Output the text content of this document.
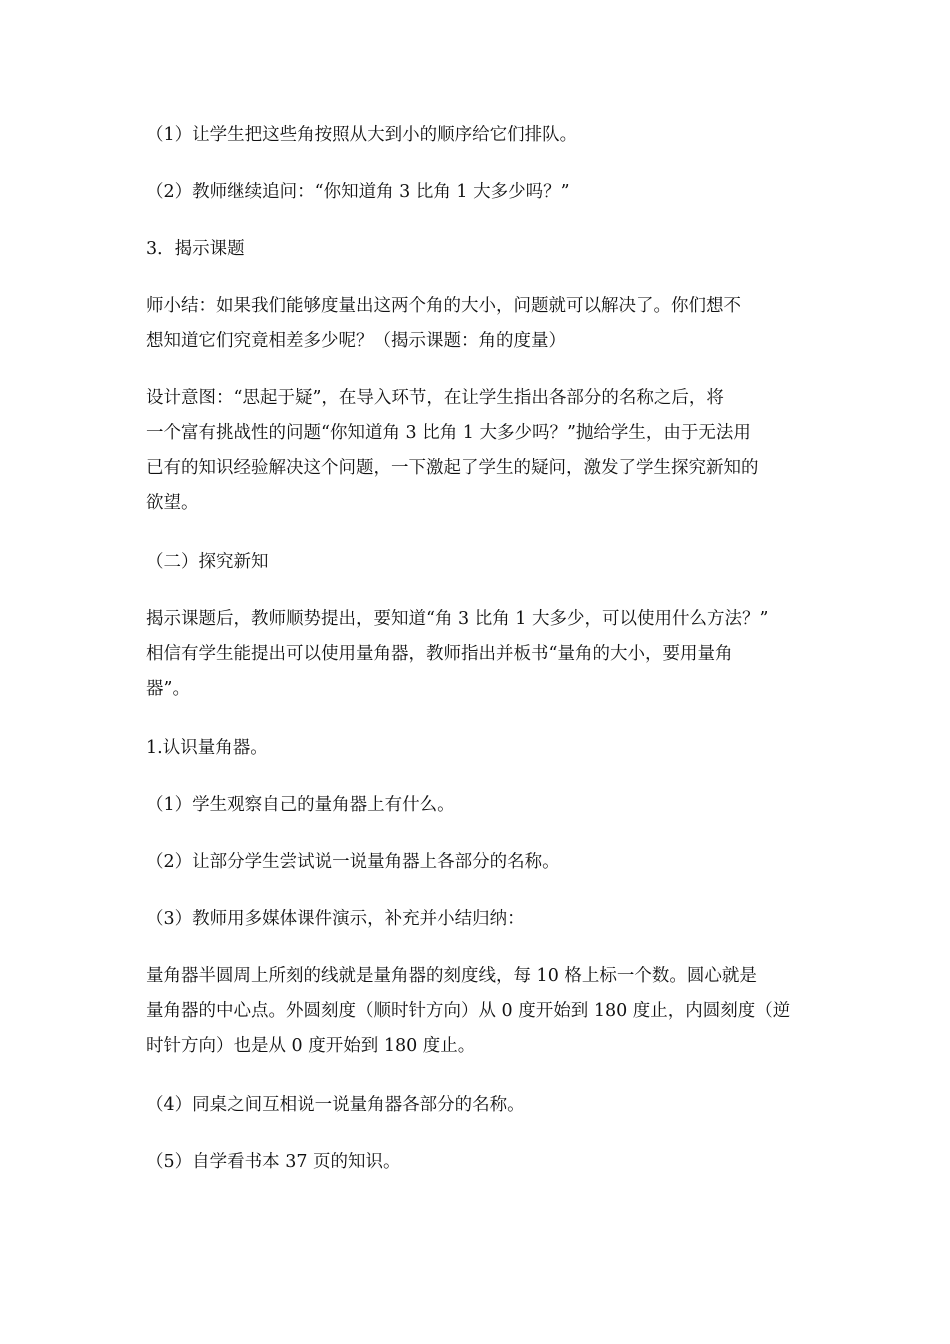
（1）让学生把这些角按照从大到小的顺序给它们排队。

（2）教师继续追问：“你知道角 3 比角 1 大多少吗？”

3．揭示课题

师小结：如果我们能够度量出这两个角的大小，问题就可以解决了。你们想不
想知道它们究竟相差多少呢？（揭示课题：角的度量）

设计意图：“思起于疑”，在导入环节，在让学生指出各部分的名称之后，将
一个富有挑战性的问题“你知道角 3 比角 1 大多少吗？”抛给学生，由于无法用
已有的知识经验解决这个问题，一下激起了学生的疑问，激发了学生探究新知的
欲望。

（二）探究新知

揭示课题后，教师顺势提出，要知道“角 3 比角 1 大多少，可以使用什么方法？”
相信有学生能提出可以使用量角器，教师指出并板书“量角的大小，要用量角
器”。

1.认识量角器。

（1）学生观察自己的量角器上有什么。

（2）让部分学生尝试说一说量角器上各部分的名称。

（3）教师用多媒体课件演示，补充并小结归纳：

量角器半圆周上所刻的线就是量角器的刻度线，每 10 格上标一个数。圆心就是
量角器的中心点。外圆刻度（顺时针方向）从 0 度开始到 180 度止，内圆刻度（逆
时针方向）也是从 0 度开始到 180 度止。

（4）同桌之间互相说一说量角器各部分的名称。

（5）自学看书本 37 页的知识。
